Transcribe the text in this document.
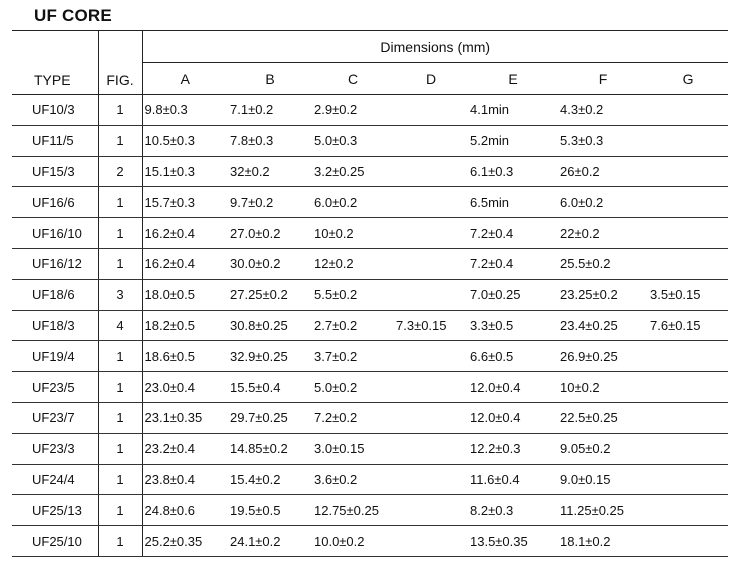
UF CORE
TYPE	FIG.	Dimensions (mm)						
		A	B	C	D	E	F	G
UF10/3	1	9.8±0.3	7.1±0.2	2.9±0.2		4.1min	4.3±0.2	
UF11/5	1	10.5±0.3	7.8±0.3	5.0±0.3		5.2min	5.3±0.3	
UF15/3	2	15.1±0.3	32±0.2	3.2±0.25		6.1±0.3	26±0.2	
UF16/6	1	15.7±0.3	9.7±0.2	6.0±0.2		6.5min	6.0±0.2	
UF16/10	1	16.2±0.4	27.0±0.2	10±0.2		7.2±0.4	22±0.2	
UF16/12	1	16.2±0.4	30.0±0.2	12±0.2		7.2±0.4	25.5±0.2	
UF18/6	3	18.0±0.5	27.25±0.2	5.5±0.2		7.0±0.25	23.25±0.2	3.5±0.15
UF18/3	4	18.2±0.5	30.8±0.25	2.7±0.2	7.3±0.15	3.3±0.5	23.4±0.25	7.6±0.15
UF19/4	1	18.6±0.5	32.9±0.25	3.7±0.2		6.6±0.5	26.9±0.25	
UF23/5	1	23.0±0.4	15.5±0.4	5.0±0.2		12.0±0.4	10±0.2	
UF23/7	1	23.1±0.35	29.7±0.25	7.2±0.2		12.0±0.4	22.5±0.25	
UF23/3	1	23.2±0.4	14.85±0.2	3.0±0.15		12.2±0.3	9.05±0.2	
UF24/4	1	23.8±0.4	15.4±0.2	3.6±0.2		11.6±0.4	9.0±0.15	
UF25/13	1	24.8±0.6	19.5±0.5	12.75±0.25		8.2±0.3	11.25±0.25	
UF25/10	1	25.2±0.35	24.1±0.2	10.0±0.2		13.5±0.35	18.1±0.2	
